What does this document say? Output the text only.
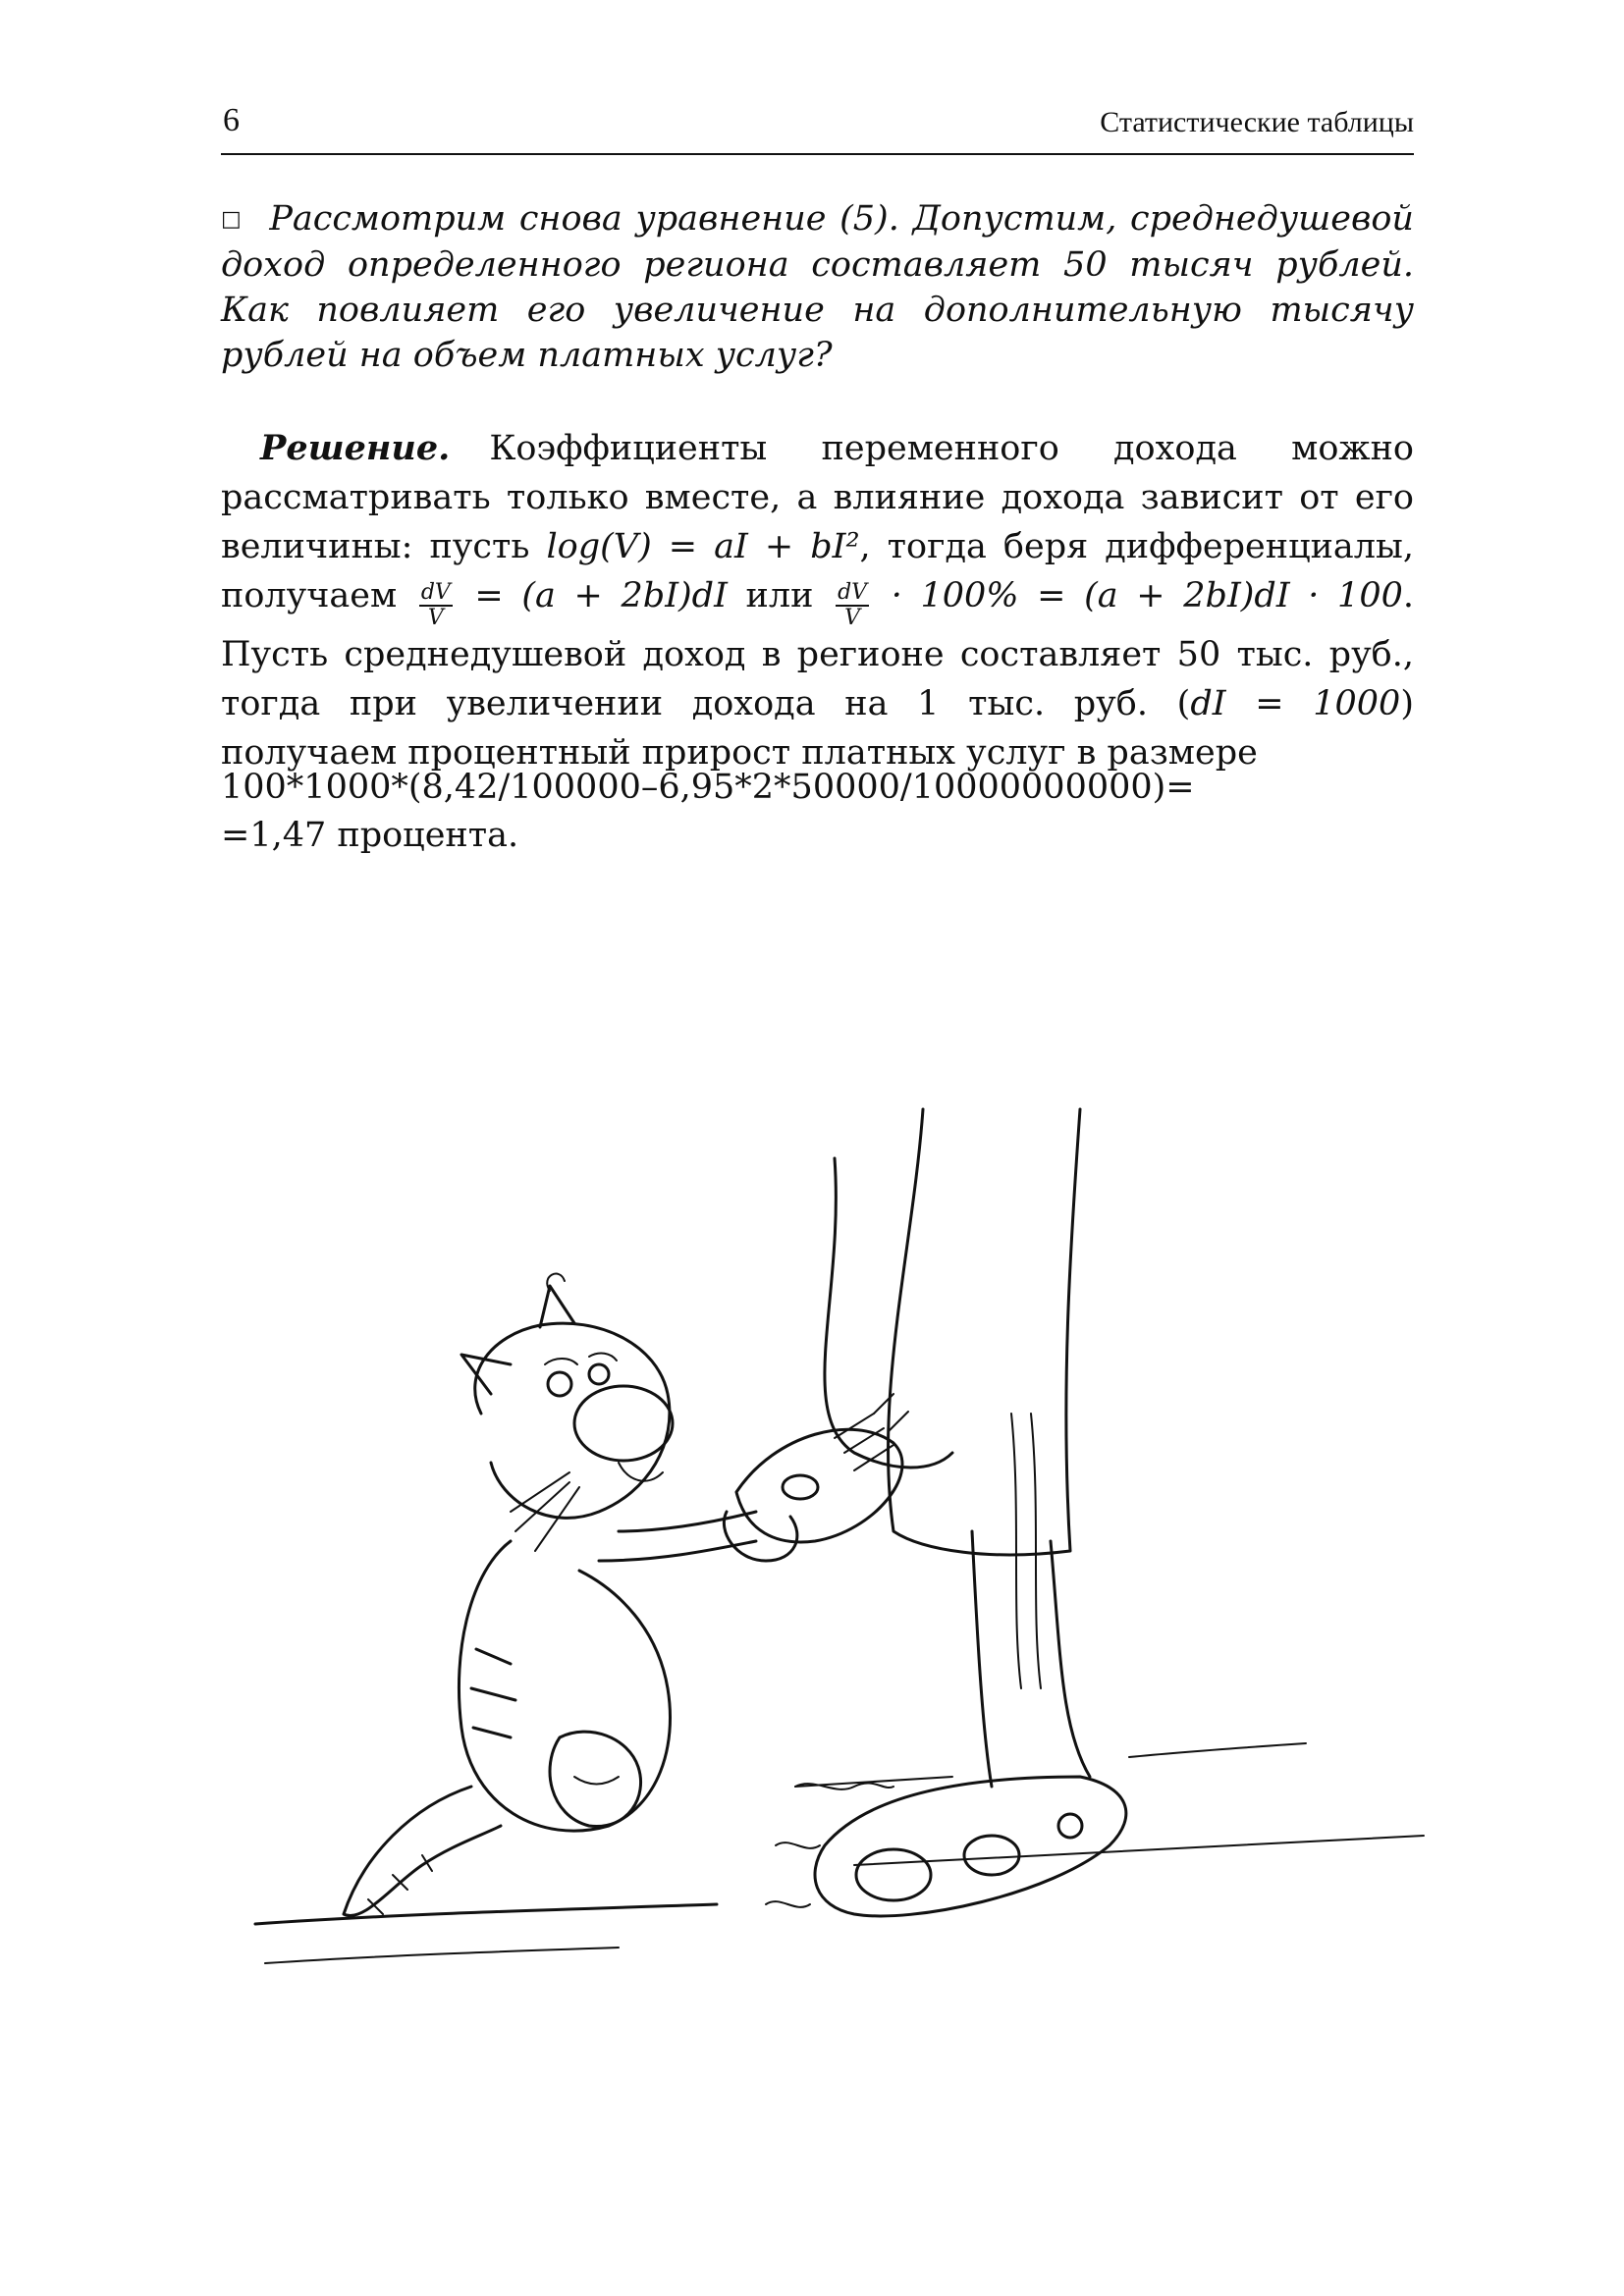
6	Статистические таблицы
□ Рассмотрим снова уравнение (5). Допустим, среднедушевой доход определенного региона составляет 50 тысяч рублей. Как повлияет его увеличение на дополнительную тысячу рублей на объем платных услуг?
Решение. Коэффициенты переменного дохода можно рассматривать только вместе, а влияние дохода зависит от его величины: пусть log(V) = aI + bI², тогда беря дифференциалы, получаем $\frac{dV}{V} = (a + 2bI)dI$ или $\frac{dV}{V} \cdot 100\% = (a + 2bI)dI \cdot 100$. Пусть среднедушевой доход в регионе составляет 50 тыс. руб., тогда при увеличении дохода на 1 тыс. руб. (dI = 1000) получаем процентный прирост платных услуг в размере
100*1000*(8,42/100000–6,95*2*50000/10000000000)=
=1,47 процента.
